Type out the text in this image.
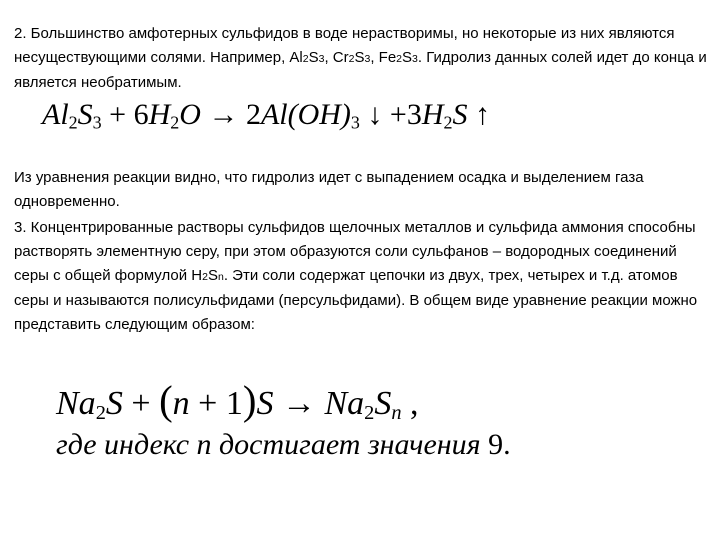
2. Большинство амфотерных сульфидов в воде нерастворимы, но некоторые из них являются несуществующими солями. Например, Al2S3, Cr2S3, Fe2S3. Гидролиз данных солей идет до конца и является необратимым.

$Al_2S_3 + 6H_2O \to 2Al(OH)_3$ ↓ $+3H_2S$ ↑

Из уравнения реакции видно, что гидролиз идет с выпадением осадка и выделением газа одновременно.

3. Концентрированные растворы сульфидов щелочных металлов и сульфида аммония способны растворять элементную серу, при этом образуются соли сульфанов – водородных соединений серы с общей формулой H2Sn. Эти соли содержат цепочки из двух, трех, четырех и т.д. атомов серы и называются полисульфидами (персульфидами). В общем виде уравнение реакции можно представить следующим образом:

$Na_2S + (n + 1)S \to Na_2S_n$ ,
где индекс n достигает значения 9.
